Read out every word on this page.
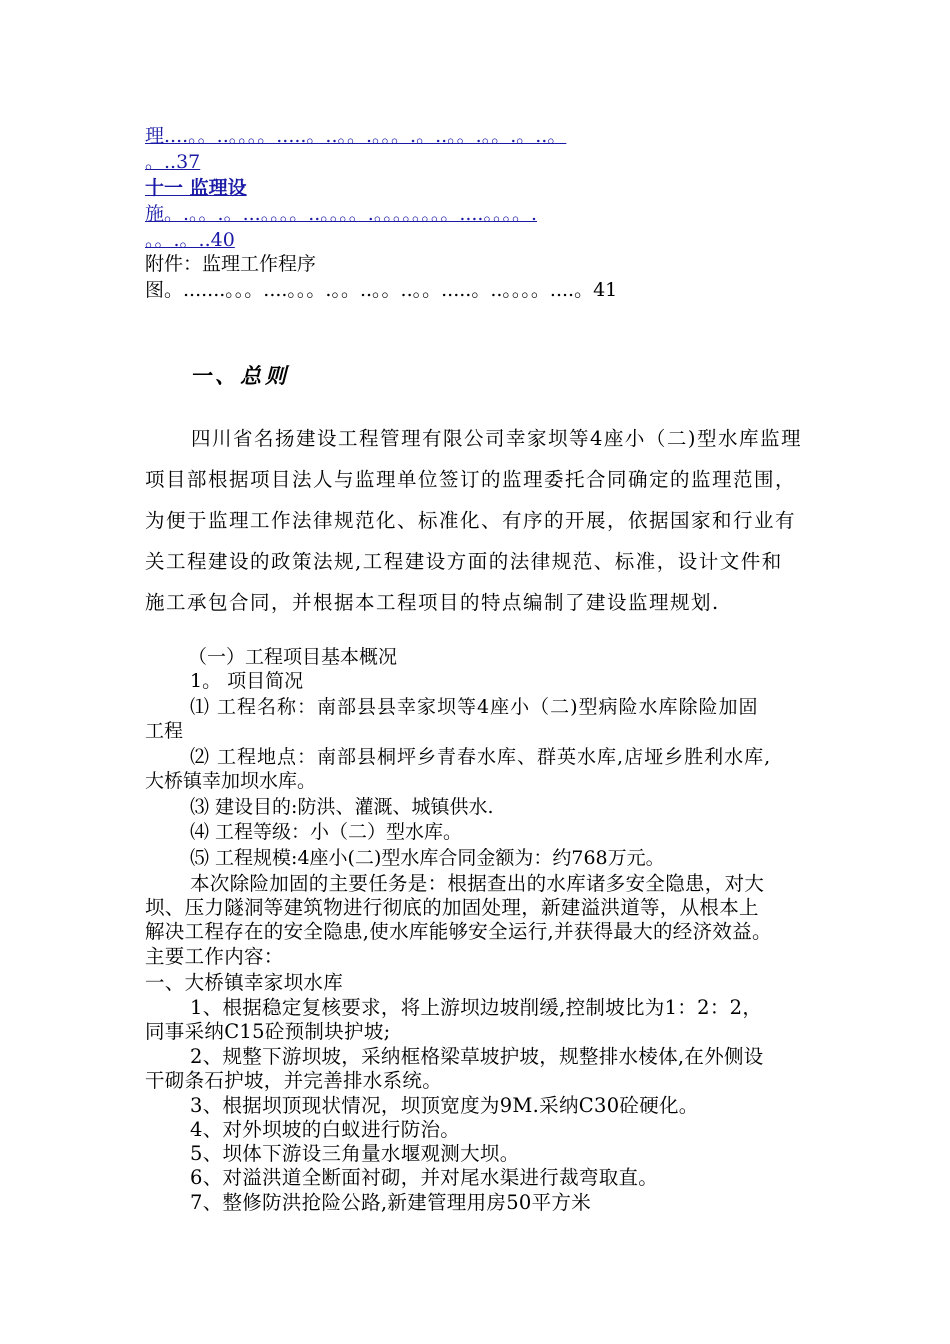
理....。。..。。。。.....。..。。.。。。.。..。。.。。.。..。
。..37
十一 监理设
施。.。。.。...。。。。..。。。。.。。。。。。。。....。。。。.
。。.。..40
附件：监理工作程序
图。.......。。。....。。。.。。..。。..。。.....。..。。。。....。41
一、总则
四川省名扬建设工程管理有限公司幸家坝等4座小（二)型水库监理
项目部根据项目法人与监理单位签订的监理委托合同确定的监理范围，
为便于监理工作法律规范化、标准化、有序的开展，依据国家和行业有
关工程建设的政策法规,工程建设方面的法律规范、标准，设计文件和
施工承包合同，并根据本工程项目的特点编制了建设监理规划.
（一）工程项目基本概况
1。 项目简况
⑴ 工程名称：南部县县幸家坝等4座小（二)型病险水库除险加固
工程
⑵ 工程地点：南部县桐坪乡青春水库、群英水库,店垭乡胜利水库,
大桥镇幸加坝水库。
⑶ 建设目的:防洪、灌溉、城镇供水.
⑷ 工程等级：小（二）型水库。
⑸ 工程规模:4座小(二)型水库合同金额为：约768万元。
本次除险加固的主要任务是：根据查出的水库诸多安全隐患，对大
坝、压力隧洞等建筑物进行彻底的加固处理，新建溢洪道等，从根本上
解决工程存在的安全隐患,使水库能够安全运行,并获得最大的经济效益。
主要工作内容：
一、大桥镇幸家坝水库
1、根据稳定复核要求，将上游坝边坡削缓,控制坡比为1：2：2，
同事采纳C15砼预制块护坡;
2、规整下游坝坡，采纳框格梁草坡护坡，规整排水棱体,在外侧设
干砌条石护坡，并完善排水系统。
3、根据坝顶现状情况，坝顶宽度为9M.采纳C30砼硬化。
4、对外坝坡的白蚁进行防治。
5、坝体下游设三角量水堰观测大坝。
6、对溢洪道全断面衬砌，并对尾水渠进行裁弯取直。
7、整修防洪抢险公路,新建管理用房50平方米
